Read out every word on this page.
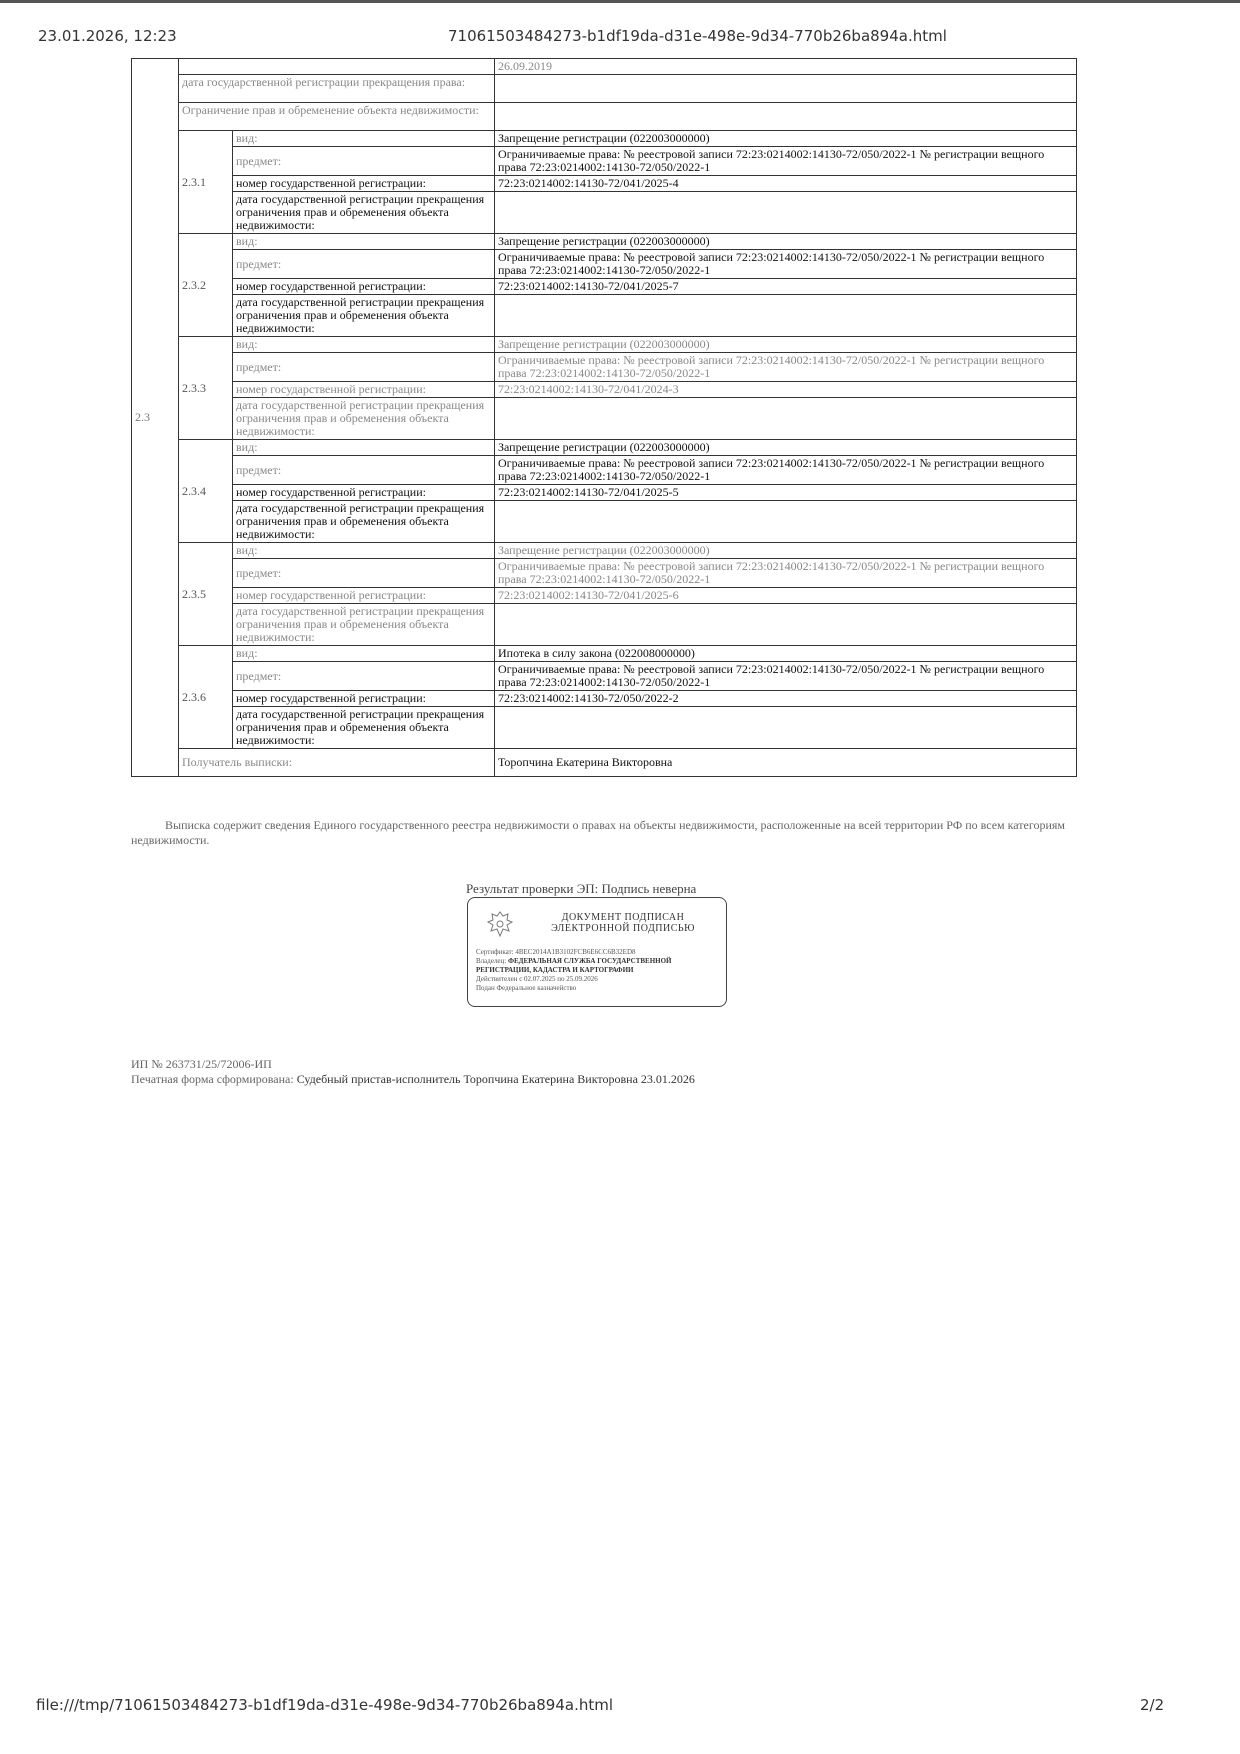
23.01.2026, 12:23	71061503484273-b1df19da-d31e-498e-9d34-770b26ba894a.html
2.3			26.09.2019
	дата государственной регистрации прекращения права:		
	Ограничение прав и обременение объекта недвижимости:		
	2.3.1	вид:	Запрещение регистрации (022003000000)
		предмет:	Ограничиваемые права: № реестровой записи 72:23:0214002:14130-72/050/2022-1 № регистрации вещного права 72:23:0214002:14130-72/050/2022-1
		номер государственной регистрации:	72:23:0214002:14130-72/041/2025-4
		дата государственной регистрации прекращения ограничения прав и обременения объекта недвижимости:	
	2.3.2	вид:	Запрещение регистрации (022003000000)
		предмет:	Ограничиваемые права: № реестровой записи 72:23:0214002:14130-72/050/2022-1 № регистрации вещного права 72:23:0214002:14130-72/050/2022-1
		номер государственной регистрации:	72:23:0214002:14130-72/041/2025-7
		дата государственной регистрации прекращения ограничения прав и обременения объекта недвижимости:	
	2.3.3	вид:	Запрещение регистрации (022003000000)
		предмет:	Ограничиваемые права: № реестровой записи 72:23:0214002:14130-72/050/2022-1 № регистрации вещного права 72:23:0214002:14130-72/050/2022-1
		номер государственной регистрации:	72:23:0214002:14130-72/041/2024-3
		дата государственной регистрации прекращения ограничения прав и обременения объекта недвижимости:	
	2.3.4	вид:	Запрещение регистрации (022003000000)
		предмет:	Ограничиваемые права: № реестровой записи 72:23:0214002:14130-72/050/2022-1 № регистрации вещного права 72:23:0214002:14130-72/050/2022-1
		номер государственной регистрации:	72:23:0214002:14130-72/041/2025-5
		дата государственной регистрации прекращения ограничения прав и обременения объекта недвижимости:	
	2.3.5	вид:	Запрещение регистрации (022003000000)
		предмет:	Ограничиваемые права: № реестровой записи 72:23:0214002:14130-72/050/2022-1 № регистрации вещного права 72:23:0214002:14130-72/050/2022-1
		номер государственной регистрации:	72:23:0214002:14130-72/041/2025-6
		дата государственной регистрации прекращения ограничения прав и обременения объекта недвижимости:	
	2.3.6	вид:	Ипотека в силу закона (022008000000)
		предмет:	Ограничиваемые права: № реестровой записи 72:23:0214002:14130-72/050/2022-1 № регистрации вещного права 72:23:0214002:14130-72/050/2022-1
		номер государственной регистрации:	72:23:0214002:14130-72/050/2022-2
		дата государственной регистрации прекращения ограничения прав и обременения объекта недвижимости:	
	Получатель выписки:		Торопчина Екатерина Викторовна
Выписка содержит сведения Единого государственного реестра недвижимости о правах на объекты недвижимости, расположенные на всей территории РФ по всем категориям недвижимости.
Результат проверки ЭП: Подпись неверна
ДОКУМЕНТ ПОДПИСАН
ЭЛЕКТРОННОЙ ПОДПИСЬЮ
Сертификат: 4BEC2014A1B3102FCB6E6CC6B32ED8
Владелец: ФЕДЕРАЛЬНАЯ СЛУЖБА ГОСУДАРСТВЕННОЙ РЕГИСТРАЦИИ, КАДАСТРА И КАРТОГРАФИИ
Действителен с 02.07.2025 по 25.09.2026
Подан Федеральное казначейство
ИП № 263731/25/72006-ИП
Печатная форма сформирована: Судебный пристав-исполнитель Торопчина Екатерина Викторовна 23.01.2026
file:///tmp/71061503484273-b1df19da-d31e-498e-9d34-770b26ba894a.html	2/2
